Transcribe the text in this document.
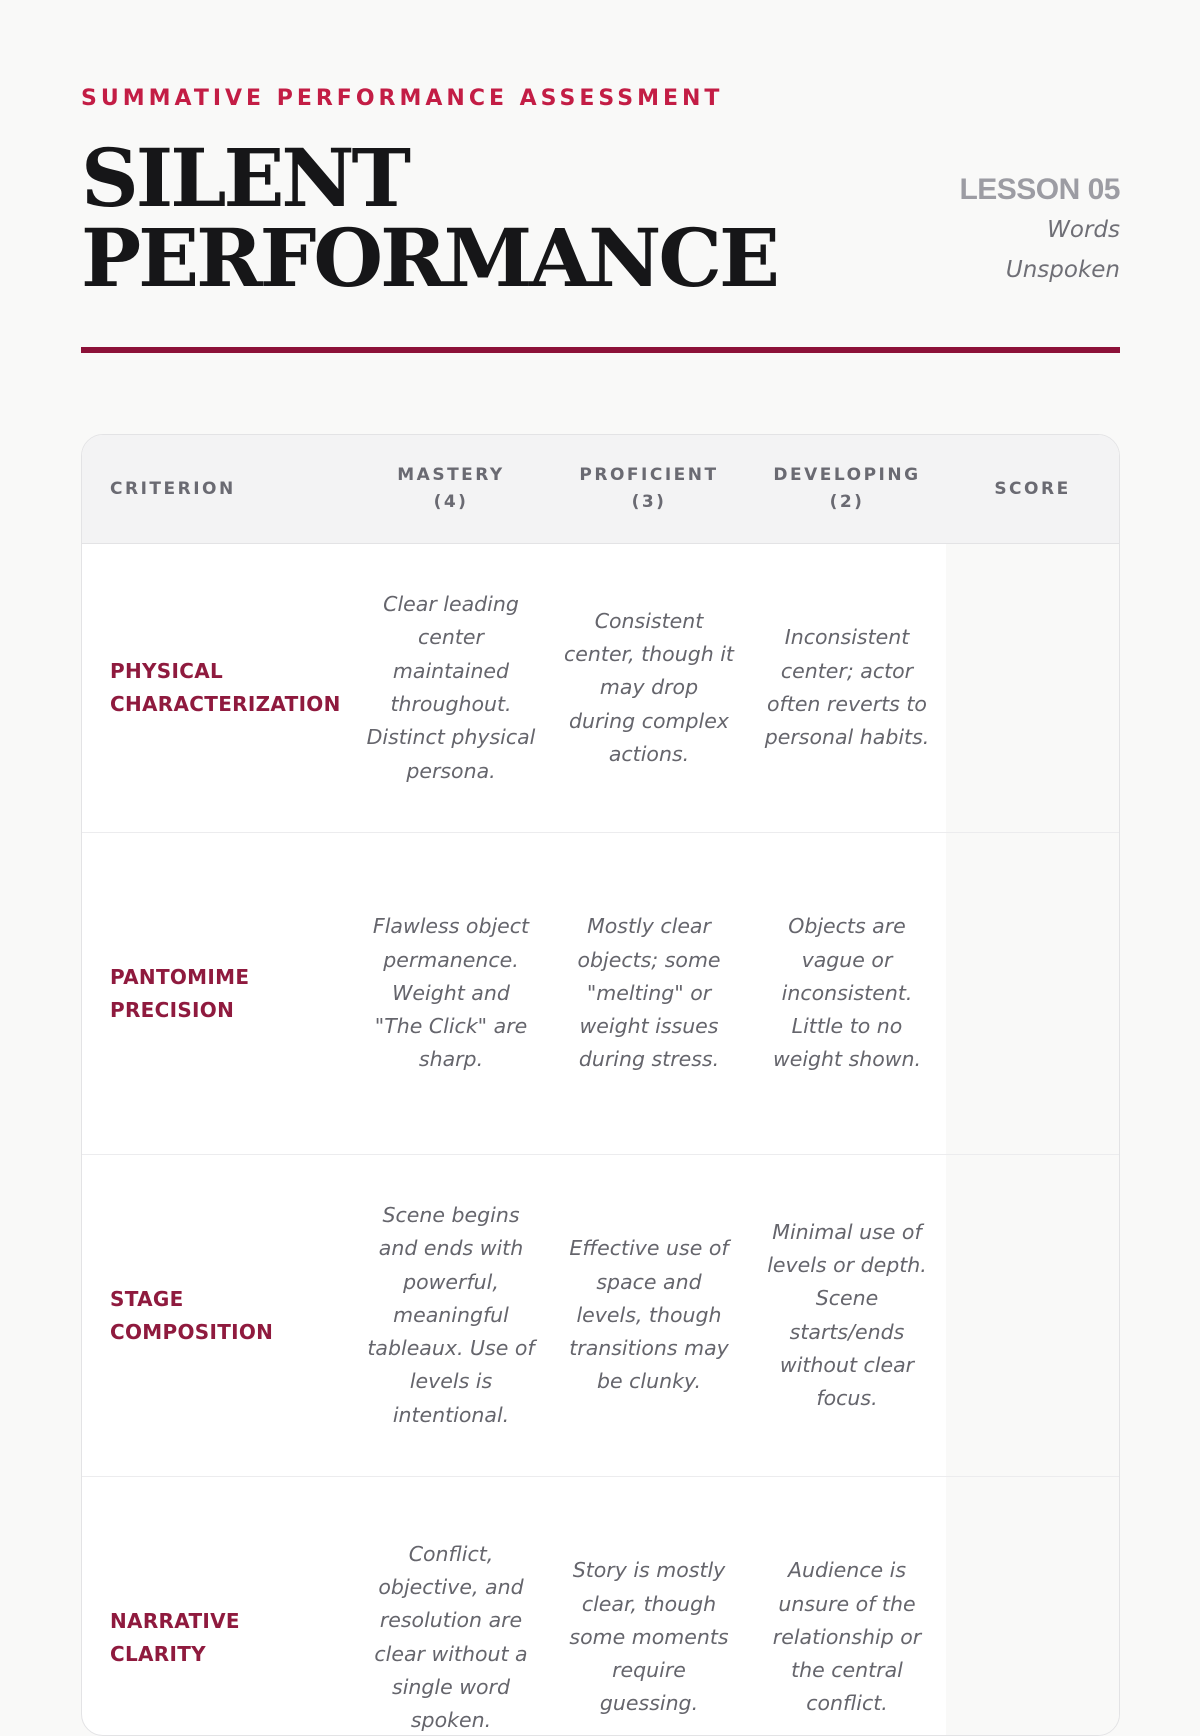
SUMMATIVE PERFORMANCE ASSESSMENT
SILENT
PERFORMANCE
LESSON 05
Words
Unspoken
CRITERION	MASTERY (4)	PROFICIENT (3)	DEVELOPING (2)	SCORE
PHYSICAL CHARACTERIZATION	Clear leading center maintained throughout. Distinct physical persona.	Consistent center, though it may drop during complex actions.	Inconsistent center; actor often reverts to personal habits.	
PANTOMIME PRECISION	Flawless object permanence. Weight and "The Click" are sharp.	Mostly clear objects; some "melting" or weight issues during stress.	Objects are vague or inconsistent. Little to no weight shown.	
STAGE COMPOSITION	Scene begins and ends with powerful, meaningful tableaux. Use of levels is intentional.	Effective use of space and levels, though transitions may be clunky.	Minimal use of levels or depth. Scene starts/ends without clear focus.	
NARRATIVE CLARITY	Conflict, objective, and resolution are clear without a single word spoken.	Story is mostly clear, though some moments require guessing.	Audience is unsure of the relationship or the central conflict.	
